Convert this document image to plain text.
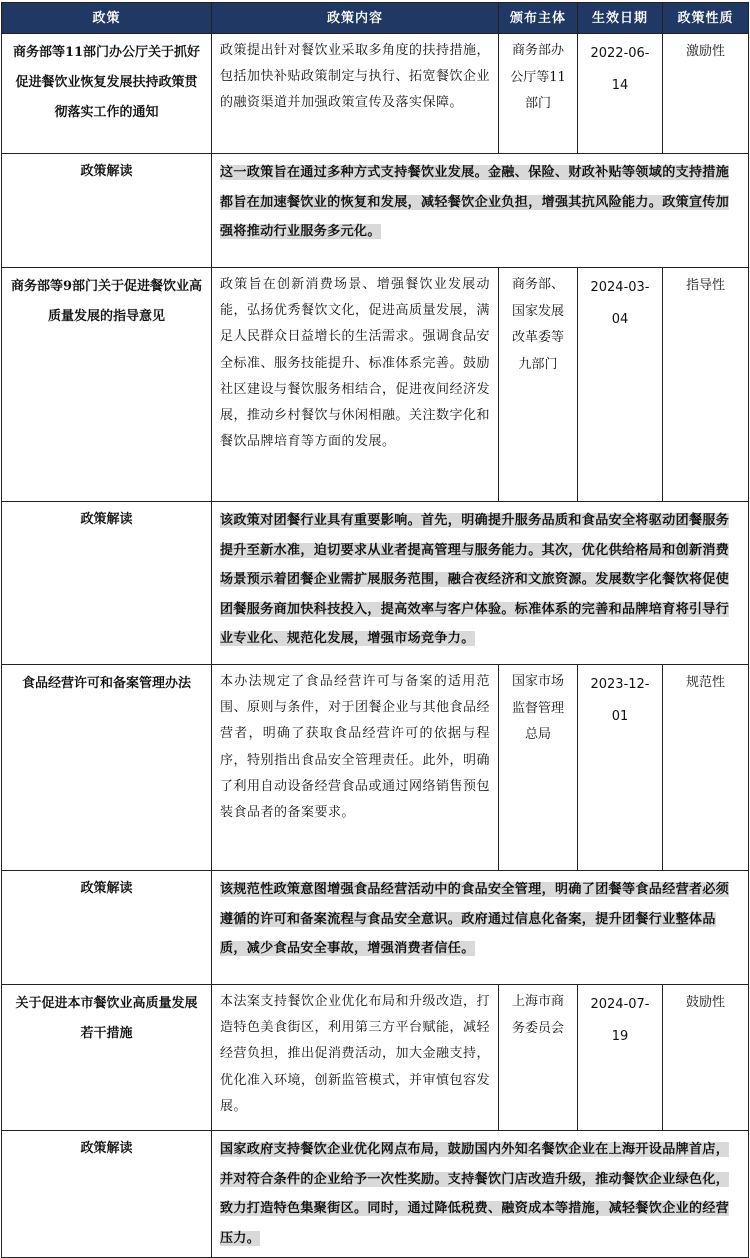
政策	政策内容	颁布主体	生效日期	政策性质
商务部等11部门办公厅关于抓好促进餐饮业恢复发展扶持政策贯彻落实工作的通知	政策提出针对餐饮业采取多角度的扶持措施，包括加快补贴政策制定与执行、拓宽餐饮企业的融资渠道并加强政策宣传及落实保障。	商务部办公厅等11部门	2022-06-14	激励性
政策解读	这一政策旨在通过多种方式支持餐饮业发展。金融、保险、财政补贴等领域的支持措施都旨在加速餐饮业的恢复和发展，减轻餐饮企业负担，增强其抗风险能力。政策宣传加强将推动行业服务多元化。			
商务部等9部门关于促进餐饮业高质量发展的指导意见	政策旨在创新消费场景、增强餐饮业发展动能，弘扬优秀餐饮文化，促进高质量发展，满足人民群众日益增长的生活需求。强调食品安全标准、服务技能提升、标准体系完善。鼓励社区建设与餐饮服务相结合，促进夜间经济发展，推动乡村餐饮与休闲相融。关注数字化和餐饮品牌培育等方面的发展。	商务部、国家发展改革委等九部门	2024-03-04	指导性
政策解读	该政策对团餐行业具有重要影响。首先，明确提升服务品质和食品安全将驱动团餐服务提升至新水准，迫切要求从业者提高管理与服务能力。其次，优化供给格局和创新消费场景预示着团餐企业需扩展服务范围，融合夜经济和文旅资源。发展数字化餐饮将促使团餐服务商加快科技投入，提高效率与客户体验。标准体系的完善和品牌培育将引导行业专业化、规范化发展，增强市场竞争力。			
食品经营许可和备案管理办法	本办法规定了食品经营许可与备案的适用范围、原则与条件，对于团餐企业与其他食品经营者，明确了获取食品经营许可的依据与程序，特别指出食品安全管理责任。此外，明确了利用自动设备经营食品或通过网络销售预包装食品者的备案要求。	国家市场监督管理总局	2023-12-01	规范性
政策解读	该规范性政策意图增强食品经营活动中的食品安全管理，明确了团餐等食品经营者必须遵循的许可和备案流程与食品安全意识。政府通过信息化备案，提升团餐行业整体品质，减少食品安全事故，增强消费者信任。			
关于促进本市餐饮业高质量发展若干措施	本法案支持餐饮企业优化布局和升级改造，打造特色美食街区，利用第三方平台赋能，减轻经营负担，推出促消费活动，加大金融支持，优化准入环境，创新监管模式，并审慎包容发展。	上海市商务委员会	2024-07-19	鼓励性
政策解读	国家政府支持餐饮企业优化网点布局，鼓励国内外知名餐饮企业在上海开设品牌首店，并对符合条件的企业给予一次性奖励。支持餐饮门店改造升级，推动餐饮企业绿色化，致力打造特色集聚街区。同时，通过降低税费、融资成本等措施，减轻餐饮企业的经营压力。			
